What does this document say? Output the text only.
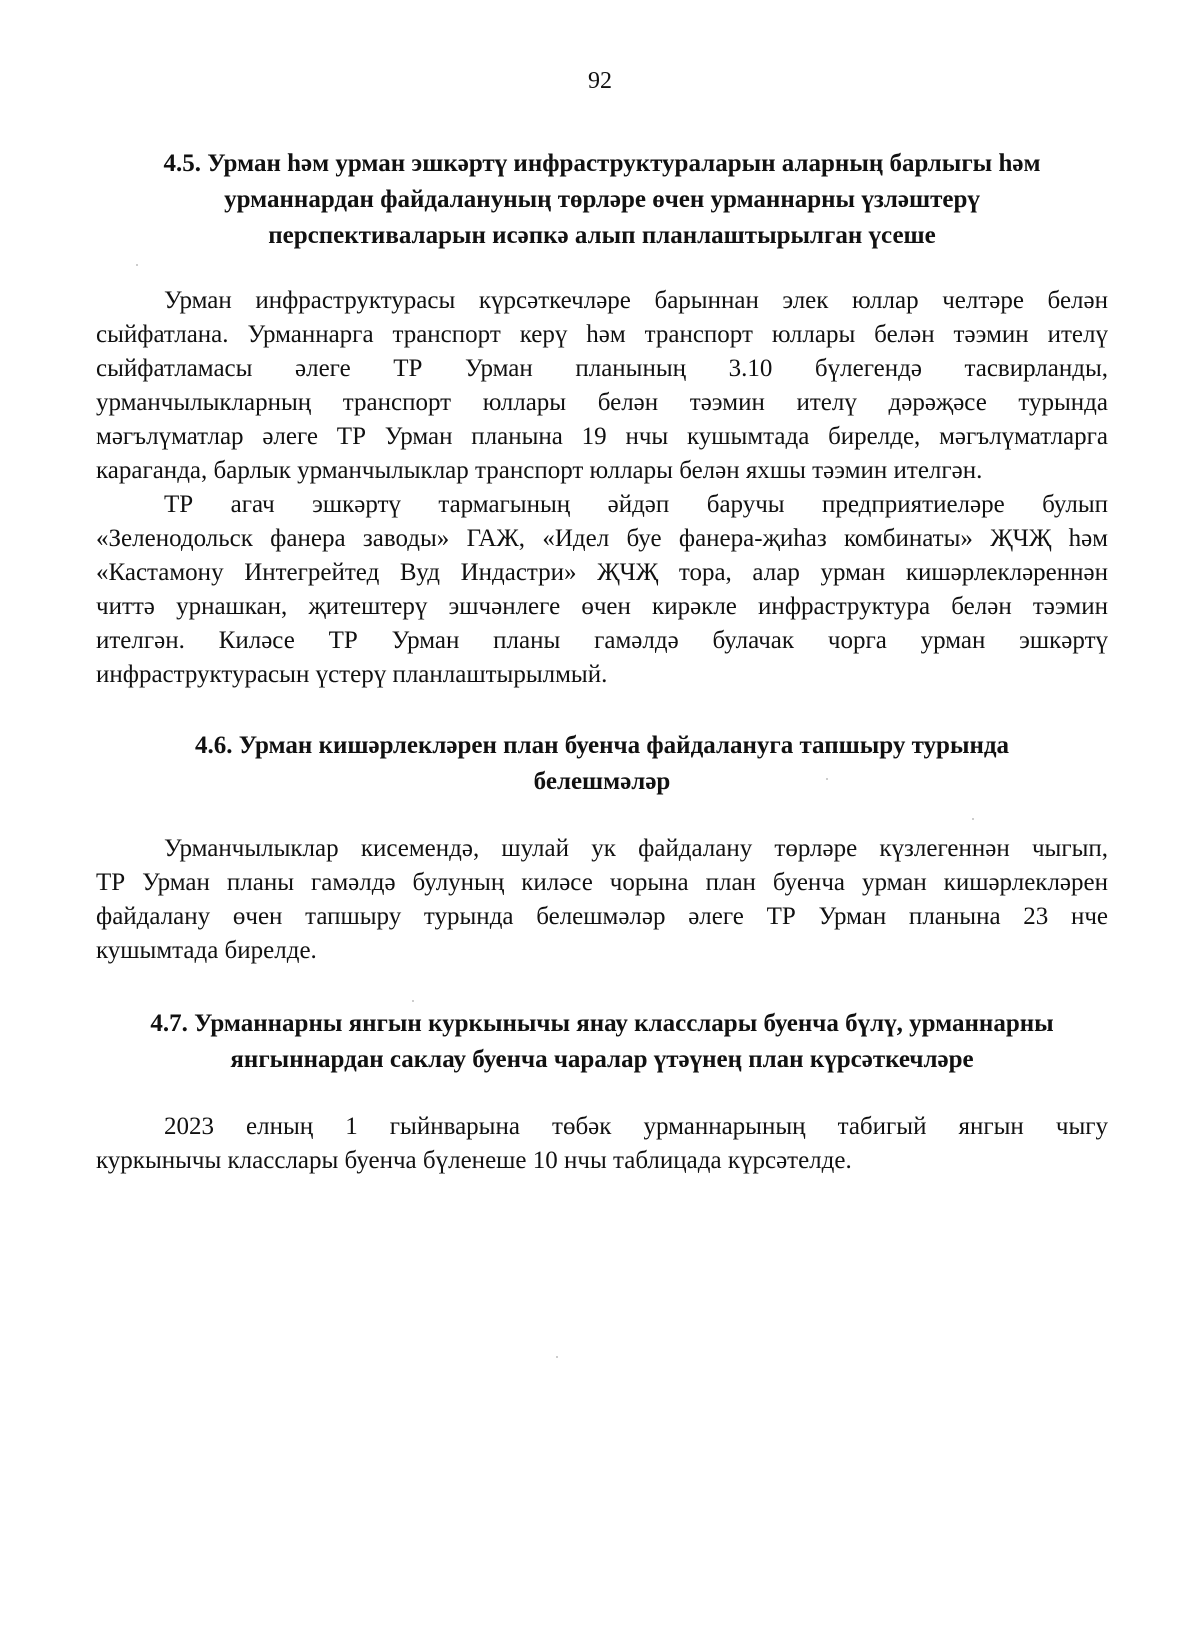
92
4.5. Урман һәм урман эшкәртү инфраструктураларын аларның барлыгы һәм
урманнардан файдалануның төрләре өчен урманнарны үзләштерү
перспективаларын исәпкә алып планлаштырылган үсеше
Урман инфраструктурасы күрсәткечләре барыннан элек юллар челтәре белән
сыйфатлана. Урманнарга транспорт керү һәм транспорт юллары белән тәэмин ителү
сыйфатламасы әлеге ТР Урман планының 3.10 бүлегендә тасвирланды,
урманчылыкларның транспорт юллары белән тәэмин ителү дәрәҗәсе турында
мәгълүматлар әлеге ТР Урман планына 19 нчы кушымтада бирелде, мәгълүматларга
караганда, барлык урманчылыклар транспорт юллары белән яхшы тәэмин ителгән.
ТР агач эшкәртү тармагының әйдәп баручы предприятиеләре булып
«Зеленодольск фанера заводы» ГАЖ, «Идел буе фанера-җиһаз комбинаты» ҖЧҖ һәм
«Кастамону Интегрейтед Вуд Индастри» ҖЧҖ тора, алар урман кишәрлекләреннән
читтә урнашкан, җитештерү эшчәнлеге өчен кирәкле инфраструктура белән тәэмин
ителгән. Киләсе ТР Урман планы гамәлдә булачак чорга урман эшкәртү
инфраструктурасын үстерү планлаштырылмый.
4.6. Урман кишәрлекләрен план буенча файдалануга тапшыру турында
белешмәләр
Урманчылыклар кисемендә, шулай ук файдалану төрләре күзлегеннән чыгып,
ТР Урман планы гамәлдә булуның киләсе чорына план буенча урман кишәрлекләрен
файдалану өчен тапшыру турында белешмәләр әлеге ТР Урман планына 23 нче
кушымтада бирелде.
4.7. Урманнарны янгын куркынычы янау класслары буенча бүлү, урманнарны
янгыннардан саклау буенча чаралар үтәүнең план күрсәткечләре
2023 елның 1 гыйнварына төбәк урманнарының табигый янгын чыгу
куркынычы класслары буенча бүленеше 10 нчы таблицада күрсәтелде.
